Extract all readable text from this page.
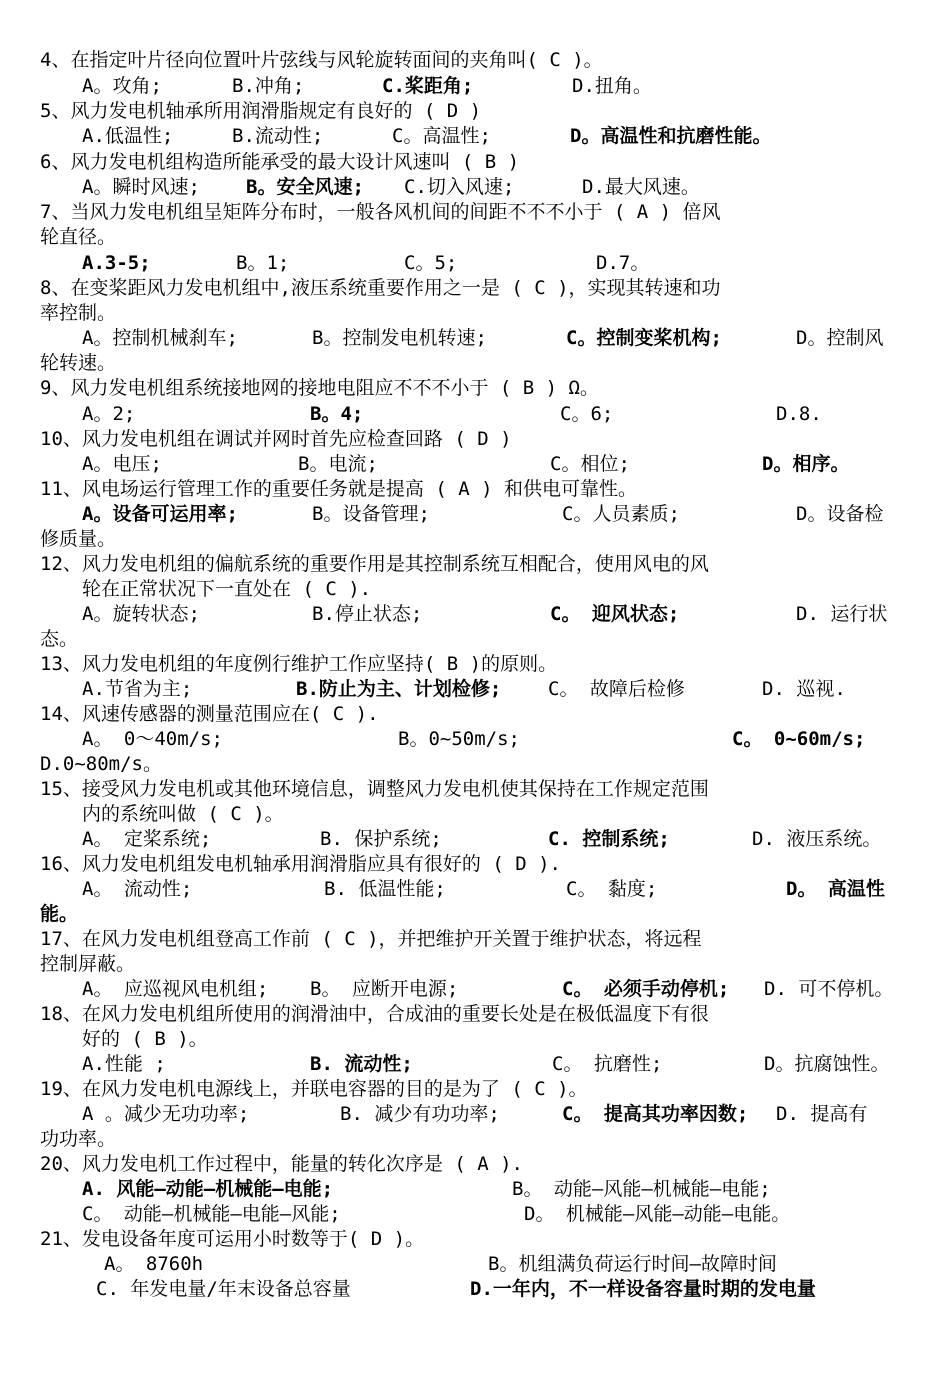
4、在指定叶片径向位置叶片弦线与风轮旋转面间的夹角叫( C )。

A。攻角;

	B.冲角;

	C.桨距角;

	D.扭角。

5、风力发电机轴承所用润滑脂规定有良好的 ( D )

A.低温性;

	B.流动性;

	C。高温性;

	D。高温性和抗磨性能。

6、风力发电机组构造所能承受的最大设计风速叫 ( B )

A。瞬时风速;

B。安全风速;

C.切入风速;

	D.最大风速。

7、当风力发电机组呈矩阵分布时，一般各风机间的间距不不不小于 ( A ) 倍风
轮直径。

A.3-5;

	B。1;

	C。5;

	D.7。

8、在变桨距风力发电机组中,液压系统重要作用之一是 ( C )，实现其转速和功
率控制。

A。控制机械刹车;

	B。控制发电机转速;

	C。控制变桨机构;

	D。控制风

轮转速。
9、风力发电机组系统接地网的接地电阻应不不不小于 ( B ) Ω。

A。2;

	B。4;

	C。6;

	D.8.

10、风力发电机组在调试并网时首先应检查回路 ( D )

A。电压;

	B。电流;

	C。相位;

	D。相序。

11、风电场运行管理工作的重要任务就是提高 ( A ) 和供电可靠性。

A。设备可运用率;

	B。设备管理;

	C。人员素质;

	D。设备检

修质量。
12、风力发电机组的偏航系统的重要作用是其控制系统互相配合，使用风电的风
轮在正常状况下一直处在 ( C ).

A。旋转状态;

	B.停止状态;

	C。 迎风状态;

	D. 运行状

态。
13、风力发电机组的年度例行维护工作应坚持( B )的原则。

A.节省为主;

	B.防止为主、计划检修;

C。 故障后检修

	D. 巡视.

14、风速传感器的测量范围应在( C ).

A。 0～40m/s;

	B。0~50m/s;

	C。 0~60m/s;

D.0~80m/s。
15、接受风力发电机或其他环境信息，调整风力发电机使其保持在工作规定范围
内的系统叫做 ( C )。

A。 定桨系统;

	B. 保护系统;

	C. 控制系统;

	D. 液压系统。

16、风力发电机组发电机轴承用润滑脂应具有很好的 ( D ).

A。 流动性;

	B. 低温性能;

	C。 黏度;

	D。 高温性

能。
17、在风力发电机组登高工作前 ( C )，并把维护开关置于维护状态，将远程
控制屏蔽。

A。 应巡视风电机组;

B。 应断开电源;

	C。 必须手动停机;

D. 可不停机。

18、在风力发电机组所使用的润滑油中，合成油的重要长处是在极低温度下有很
好的 ( B )。

A.性能 ;

	B. 流动性;

	C。 抗磨性;

	D。抗腐蚀性。

19、在风力发电机电源线上，并联电容器的目的是为了 ( C )。

A 。减少无功功率;

	B. 减少有功功率;

	C。 提高其功率因数;

D. 提高有

功功率。
20、风力发电机工作过程中，能量的转化次序是 ( A ).

A. 风能—动能—机械能—电能;

	B。 动能—风能—机械能—电能;

C。 动能—机械能—电能—风能;

	D。 机械能—风能—动能—电能。

21、发电设备年度可运用小时数等于( D )。

A。 8760h

	B。机组满负荷运行时间—故障时间

C. 年发电量/年末设备总容量

	D.一年内，不一样设备容量时期的发电量
